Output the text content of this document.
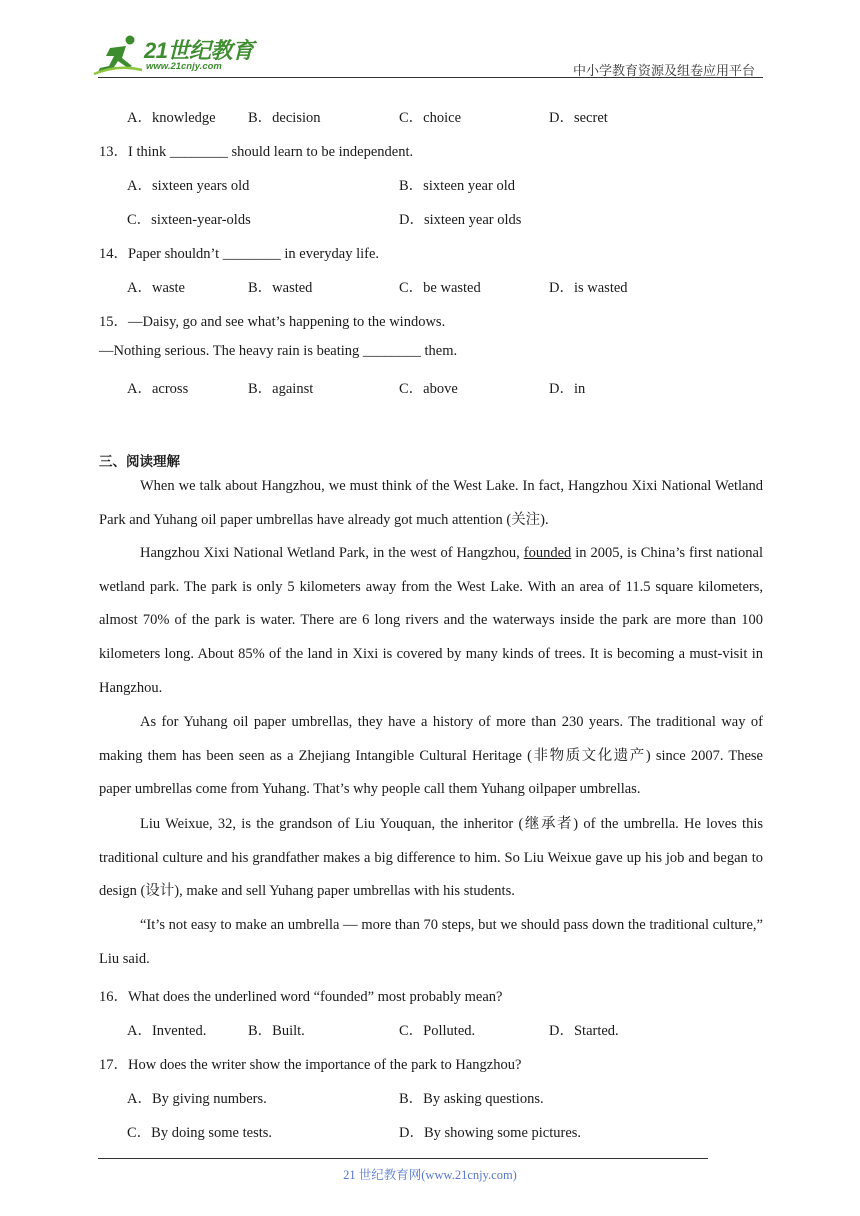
21世纪教育
www.21cnjy.com	中小学教育资源及组卷应用平台
A．knowledge B．decision	C．choice	D．secret
13．I think ________ should learn to be independent.
A．sixteen years old	B．sixteen year old
C．sixteen-year-olds	D．sixteen year olds
14．Paper shouldn’t ________ in everyday life.
A．waste	B．wasted	C．be wasted	D．is wasted
15．—Daisy, go and see what’s happening to the windows.
—Nothing serious. The heavy rain is beating ________ them.
A．across	B．against	C．above	D．in
三、阅读理解
When we talk about Hangzhou, we must think of the West Lake. In fact, Hangzhou Xixi National Wetland Park and Yuhang oil paper umbrellas have already got much attention (关注).
Hangzhou Xixi National Wetland Park, in the west of Hangzhou, founded in 2005, is China’s first national wetland park. The park is only 5 kilometers away from the West Lake. With an area of 11.5 square kilometers, almost 70% of the park is water. There are 6 long rivers and the waterways inside the park are more than 100 kilometers long. About 85% of the land in Xixi is covered by many kinds of trees. It is becoming a must-visit in Hangzhou.
As for Yuhang oil paper umbrellas, they have a history of more than 230 years. The traditional way of making them has been seen as a Zhejiang Intangible Cultural Heritage (非物质文化遗产) since 2007. These paper umbrellas come from Yuhang. That’s why people call them Yuhang oilpaper umbrellas.
Liu Weixue, 32, is the grandson of Liu Youquan, the inheritor (继承者) of the umbrella. He loves this traditional culture and his grandfather makes a big difference to him. So Liu Weixue gave up his job and began to design (设计), make and sell Yuhang paper umbrellas with his students.
“It’s not easy to make an umbrella — more than 70 steps, but we should pass down the traditional culture,” Liu said.
16．What does the underlined word “founded” most probably mean?
A．Invented.	B．Built.	C．Polluted.	D．Started.
17．How does the writer show the importance of the park to Hangzhou?
A．By giving numbers.	B．By asking questions.
C．By doing some tests.	D．By showing some pictures.
21 世纪教育网(www.21cnjy.com)
